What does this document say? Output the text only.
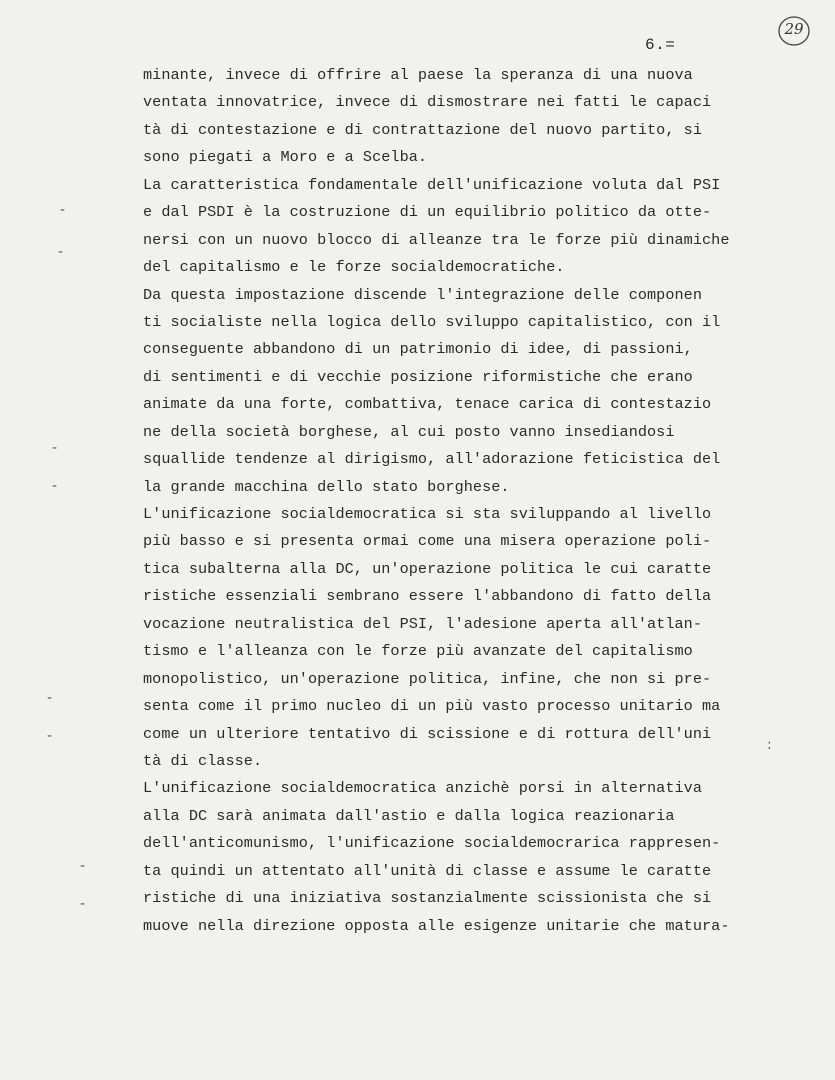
29
6.=
minante, invece di offrire al paese la speranza di una nuova
ventata innovatrice, invece di dismostrare nei fatti le capaci
tà di contestazione e di contrattazione del nuovo partito, si
sono piegati a Moro e a Scelba.
La caratteristica fondamentale dell'unificazione voluta dal PSI
e dal PSDI è la costruzione di un equilibrio politico da otte-
nersi con un nuovo blocco di alleanze tra le forze più dinamiche
del capitalismo e le forze socialdemocratiche.
Da questa impostazione discende l'integrazione delle componen
ti socialiste nella logica dello sviluppo capitalistico, con il
conseguente abbandono di un patrimonio di idee, di passioni,
di sentimenti e di vecchie posizione riformistiche che erano
animate da una forte, combattiva, tenace carica di contestazio
ne della società borghese, al cui posto vanno insediandosi
squallide tendenze al dirigismo, all'adorazione feticistica del
la grande macchina dello stato borghese.
L'unificazione socialdemocratica si sta sviluppando al livello
più basso e si presenta ormai come una misera operazione poli-
tica subalterna alla DC, un'operazione politica le cui caratte
ristiche essenziali sembrano essere l'abbandono di fatto della
vocazione neutralistica del PSI, l'adesione aperta all'atlan-
tismo e l'alleanza con le forze più avanzate del capitalismo
monopolistico, un'operazione politica, infine, che non si pre-
senta come il primo nucleo di un più vasto processo unitario ma
come un ulteriore tentativo di scissione e di rottura dell'uni
tà di classe.
L'unificazione socialdemocratica anzichè porsi in alternativa
alla DC sarà animata dall'astio e dalla logica reazionaria
dell'anticomunismo, l'unificazione socialdemocrarica rappresen-
ta quindi un attentato all'unità di classe e assume le caratte
ristiche di una iniziativa sostanzialmente scissionista che si
muove nella direzione opposta alle esigenze unitarie che matura-
-
-
-
-
-
-
:
-
-
